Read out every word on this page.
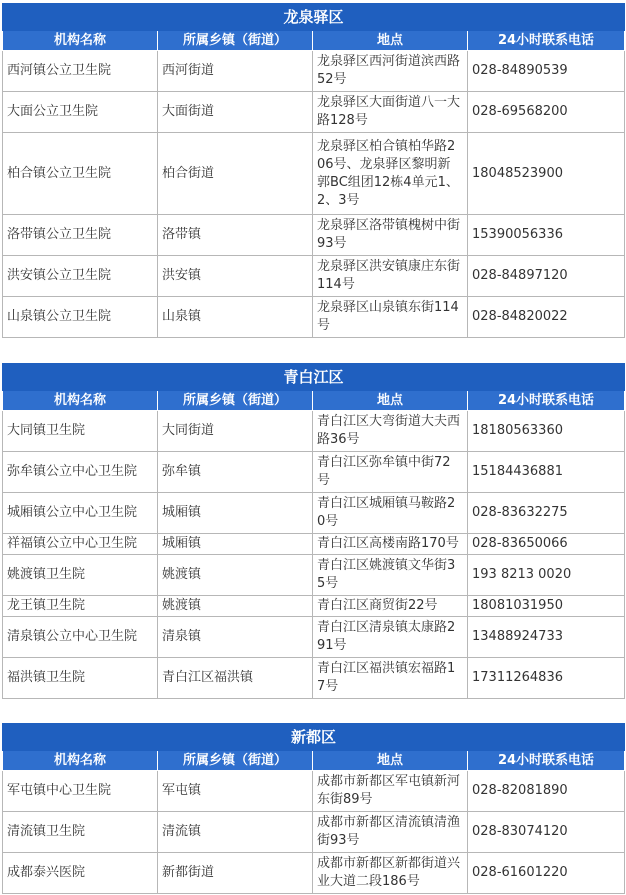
龙泉驿区			
机构名称	所属乡镇（街道）	地点	24小时联系电话
西河镇公立卫生院	西河街道	龙泉驿区西河街道滨西路52号	028-84890539
大面公立卫生院	大面街道	龙泉驿区大面街道八一大路128号	028-69568200
柏合镇公立卫生院	柏合街道	龙泉驿区柏合镇柏华路206号、龙泉驿区黎明新郭BC组团12栋4单元1、2、3号	18048523900
洛带镇公立卫生院	洛带镇	龙泉驿区洛带镇槐树中街93号	15390056336
洪安镇公立卫生院	洪安镇	龙泉驿区洪安镇康庄东街114号	028-84897120
山泉镇公立卫生院	山泉镇	龙泉驿区山泉镇东街114号	028-84820022
青白江区			
机构名称	所属乡镇（街道）	地点	24小时联系电话
大同镇卫生院	大同街道	青白江区大弯街道大夫西路36号	18180563360
弥牟镇公立中心卫生院	弥牟镇	青白江区弥牟镇中街72号	15184436881
城厢镇公立中心卫生院	城厢镇	青白江区城厢镇马鞍路20号	028-83632275
祥福镇公立中心卫生院	城厢镇	青白江区高楼南路170号	028-83650066
姚渡镇卫生院	姚渡镇	青白江区姚渡镇文华街35号	193 8213 0020
龙王镇卫生院	姚渡镇	青白江区商贸街22号	18081031950
清泉镇公立中心卫生院	清泉镇	青白江区清泉镇太康路291号	13488924733
福洪镇卫生院	青白江区福洪镇	青白江区福洪镇宏福路17号	17311264836
新都区			
机构名称	所属乡镇（街道）	地点	24小时联系电话
军屯镇中心卫生院	军屯镇	成都市新都区军屯镇新河东街89号	028-82081890
清流镇卫生院	清流镇	成都市新都区清流镇清渔街93号	028-83074120
成都泰兴医院	新都街道	成都市新都区新都街道兴业大道二段186号	028-61601220
